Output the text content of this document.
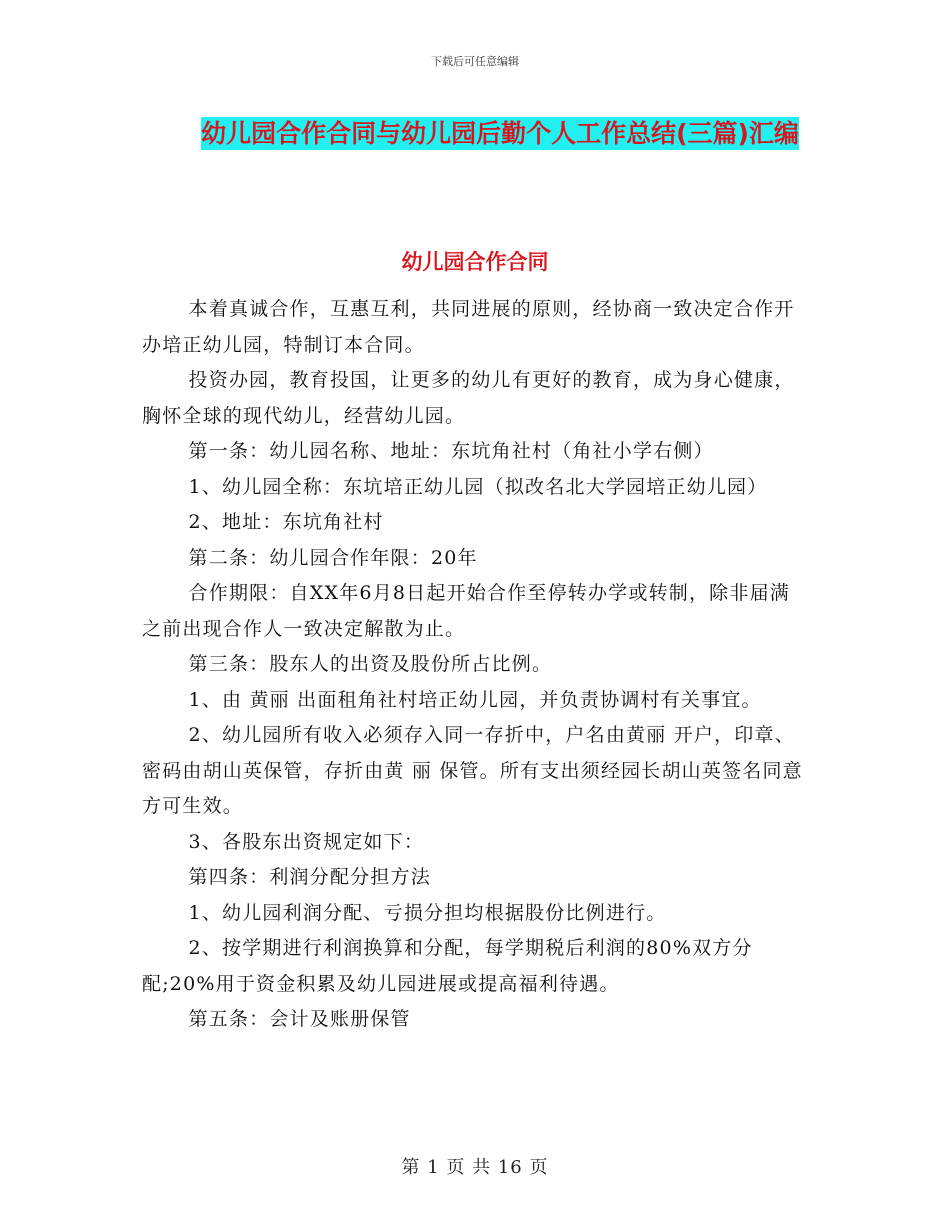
下载后可任意编辑
幼儿园合作合同与幼儿园后勤个人工作总结(三篇)汇编
幼儿园合作合同

本着真诚合作，互惠互利，共同进展的原则，经协商一致决定合作开办培正幼儿园，特制订本合同。

投资办园，教育投国，让更多的幼儿有更好的教育，成为身心健康，胸怀全球的现代幼儿，经营幼儿园。

第一条：幼儿园名称、地址：东坑角社村（角社小学右侧）

1、幼儿园全称：东坑培正幼儿园（拟改名北大学园培正幼儿园）

2、地址：东坑角社村

第二条：幼儿园合作年限：20年

合作期限：自XX年6月8日起开始合作至停转办学或转制，除非届满之前出现合作人一致决定解散为止。

第三条：股东人的出资及股份所占比例。

1、由 黄丽 出面租角社村培正幼儿园，并负责协调村有关事宜。

2、幼儿园所有收入必须存入同一存折中，户名由黄丽 开户，印章、密码由胡山英保管，存折由黄 丽 保管。所有支出须经园长胡山英签名同意方可生效。

3、各股东出资规定如下：

第四条：利润分配分担方法

1、幼儿园利润分配、亏损分担均根据股份比例进行。

2、按学期进行利润换算和分配，每学期税后利润的80%双方分配;20%用于资金积累及幼儿园进展或提高福利待遇。

第五条：会计及账册保管

第 1 页 共 16 页
